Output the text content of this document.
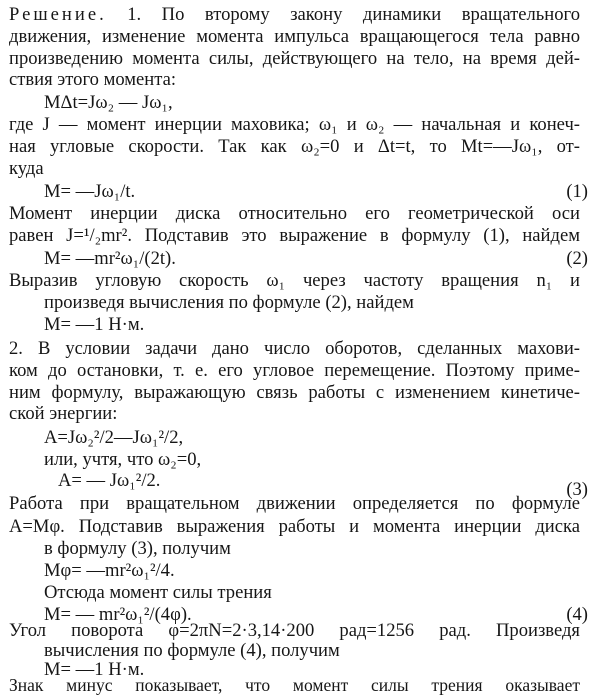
Решение. 1. По второму закону динамики вращательного
движения, изменение момента импульса вращающегося тела равно
произведению момента силы, действующего на тело, на время дей-
ствия этого момента:
MΔt=Jω₂ — Jω₁,
где J — момент инерции маховика; ω₁ и ω₂ — начальная и конеч-
ная угловые скорости. Так как ω₂=0 и Δt=t, то Mt=—Jω₁, от-
куда
M= —Jω₁/t.	(1)
Момент инерции диска относительно его геометрической оси
равен J=¹/₂mr². Подставив это выражение в формулу (1), найдем
M= —mr²ω₁/(2t).	(2)
Выразив угловую скорость ω₁ через частоту вращения n₁ и
произведя вычисления по формуле (2), найдем
M= —1 Н·м.
2. В условии задачи дано число оборотов, сделанных махови-
ком до остановки, т. е. его угловое перемещение. Поэтому приме-
ним формулу, выражающую связь работы с изменением кинетиче-
ской энергии:
A=Jω₂²/2—Jω₁²/2,
или, учтя, что ω₂=0,
A= — Jω₁²/2.	(3)
Работа при вращательном движении определяется по формуле
A=Mφ. Подставив выражения работы и момента инерции диска
в формулу (3), получим
Mφ= —mr²ω₁²/4.
Отсюда момент силы трения
M= — mr²ω₁²/(4φ).	(4)
Угол поворота φ=2πN=2·3,14·200 рад=1256 рад. Произведя
вычисления по формуле (4), получим
M= —1 Н·м.
Знак минус показывает, что момент силы трения оказывает
